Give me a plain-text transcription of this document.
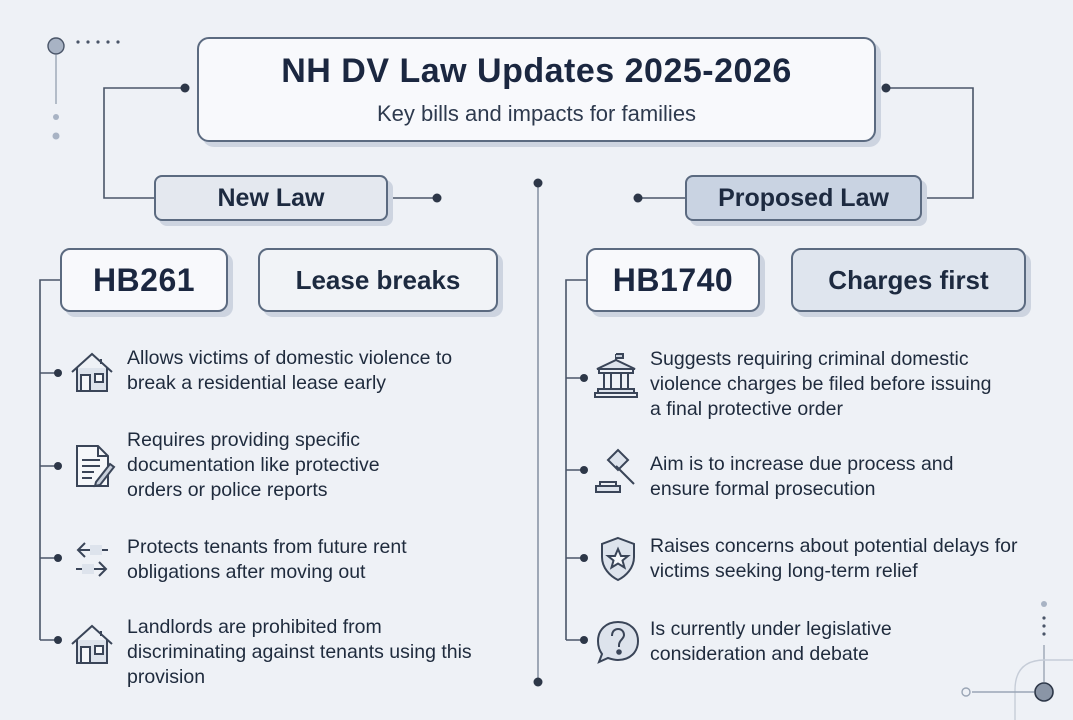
NH DV Law Updates 2025-2026
Key bills and impacts for families
New Law	Proposed Law
HB261	Lease breaks	HB1740	Charges first
Allows victims of domestic violence to break a residential lease early
Requires providing specific documentation like protective orders or police reports
Protects tenants from future rent obligations after moving out
Landlords are prohibited from discriminating against tenants using this provision
Suggests requiring criminal domestic violence charges be filed before issuing a final protective order
Aim is to increase due process and ensure formal prosecution
Raises concerns about potential delays for victims seeking long-term relief
Is currently under legislative consideration and debate
